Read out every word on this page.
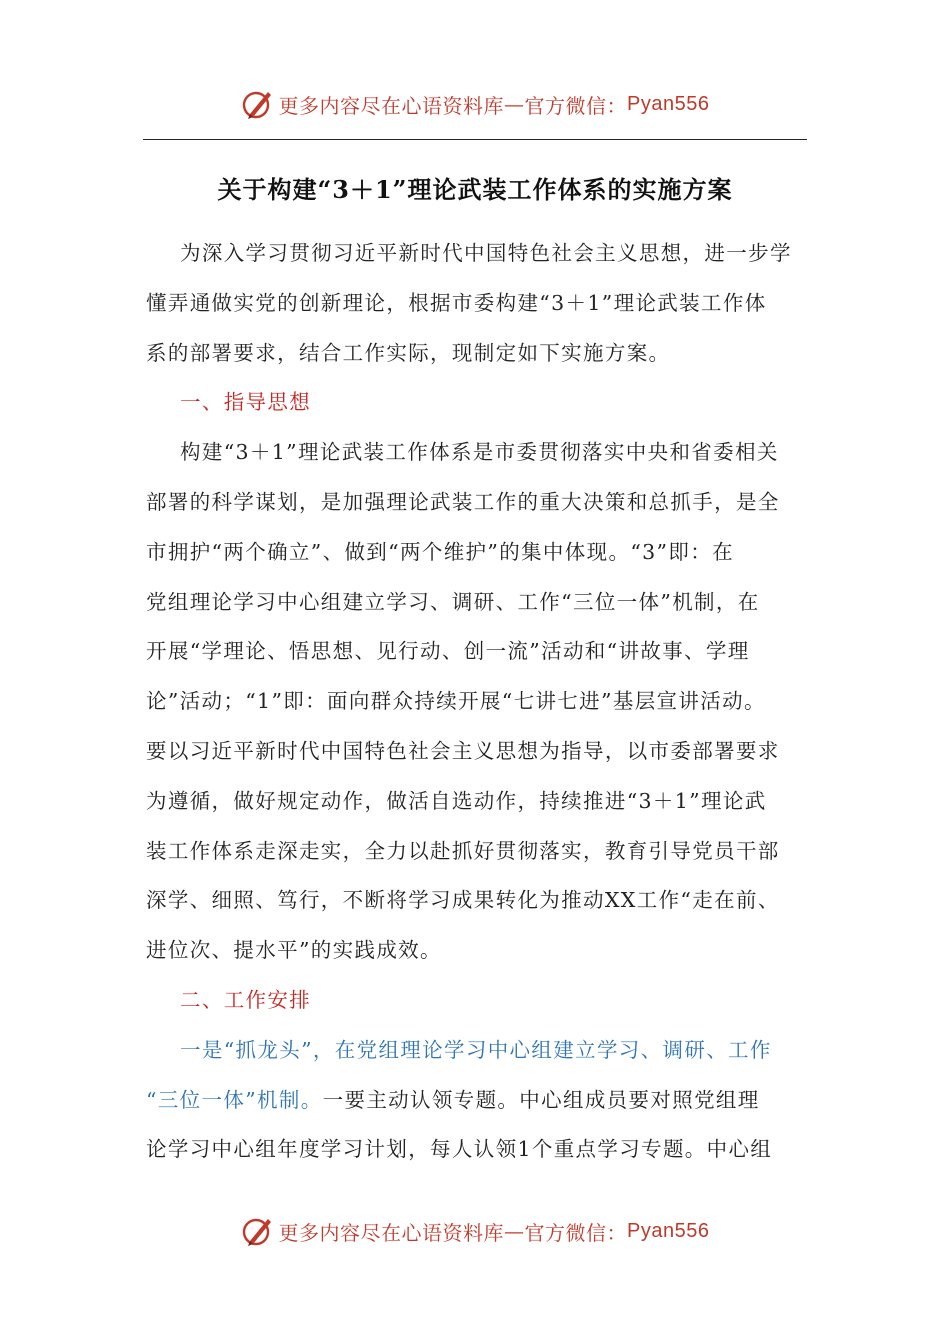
更多内容尽在心语资料库 — 官方微信： Pyan556
关于构建“3＋1”理论武装工作体系的实施方案
为深入学习贯彻习近平新时代中国特色社会主义思想，进一步学
懂弄通做实党的创新理论，根据市委构建“3＋1”理论武装工作体
系的部署要求，结合工作实际，现制定如下实施方案。
一、指导思想
构建“3＋1”理论武装工作体系是市委贯彻落实中央和省委相关
部署的科学谋划，是加强理论武装工作的重大决策和总抓手，是全
市拥护“两个确立”、做到“两个维护”的集中体现。“3”即：在
党组理论学习中心组建立学习、调研、工作“三位一体”机制，在
开展“学理论、悟思想、见行动、创一流”活动和“讲故事、学理
论”活动；“1”即：面向群众持续开展“七讲七进”基层宣讲活动。
要以习近平新时代中国特色社会主义思想为指导，以市委部署要求
为遵循，做好规定动作，做活自选动作，持续推进“3＋1”理论武
装工作体系走深走实，全力以赴抓好贯彻落实，教育引导党员干部
深学、细照、笃行，不断将学习成果转化为推动XX工作“走在前、
进位次、提水平”的实践成效。
二、工作安排
一是“抓龙头”，在党组理论学习中心组建立学习、调研、工作
“三位一体”机制。一要主动认领专题。中心组成员要对照党组理
论学习中心组年度学习计划，每人认领1个重点学习专题。中心组
更多内容尽在心语资料库 — 官方微信： Pyan556
